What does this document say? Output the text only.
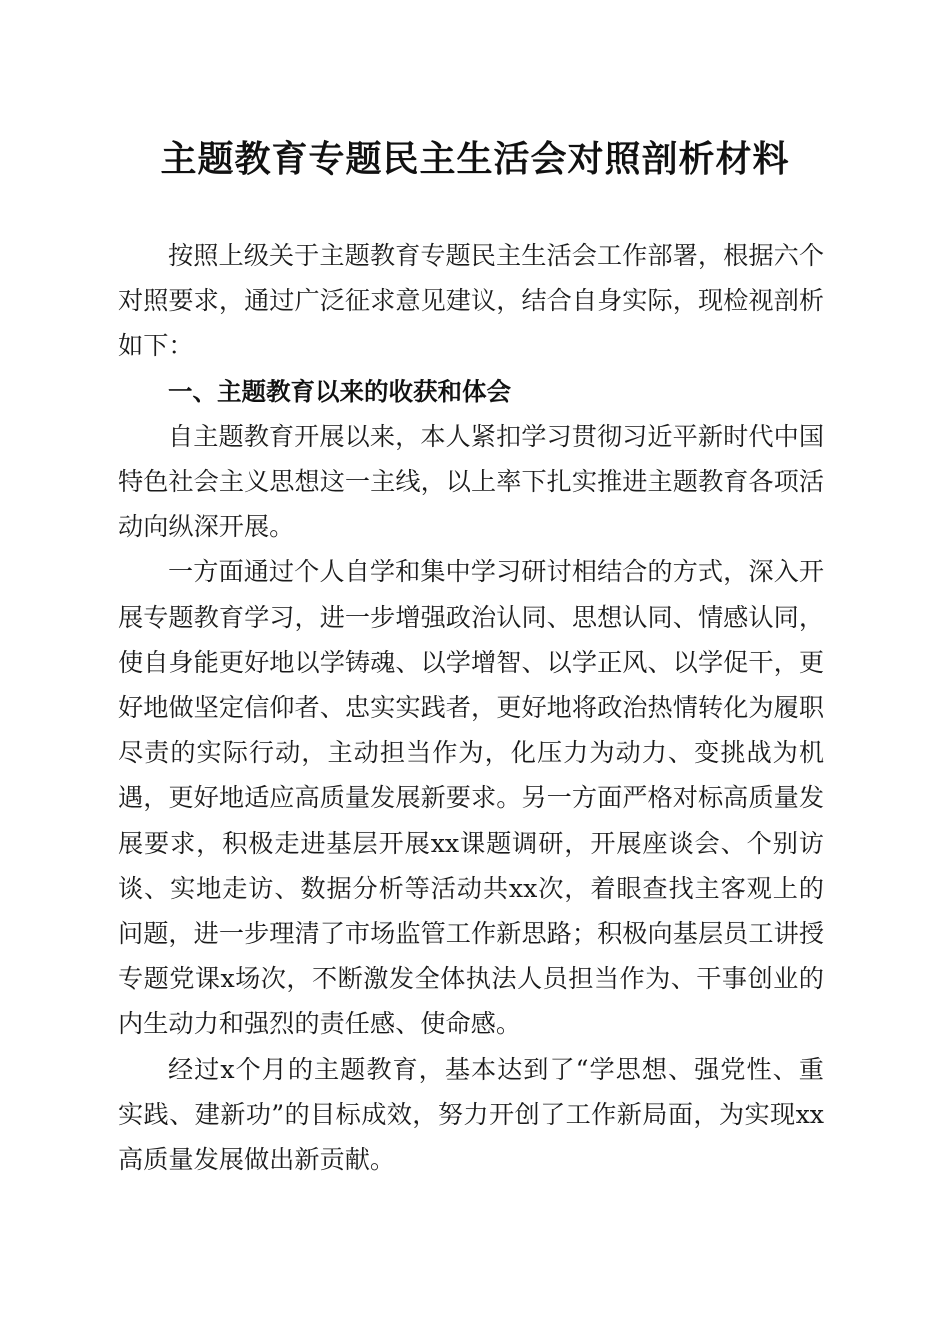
主题教育专题民主生活会对照剖析材料

按照上级关于主题教育专题民主生活会工作部署，根据六个对照要求，通过广泛征求意见建议，结合自身实际，现检视剖析如下：

一、主题教育以来的收获和体会

自主题教育开展以来，本人紧扣学习贯彻习近平新时代中国特色社会主义思想这一主线，以上率下扎实推进主题教育各项活动向纵深开展。

一方面通过个人自学和集中学习研讨相结合的方式，深入开展专题教育学习，进一步增强政治认同、思想认同、情感认同，使自身能更好地以学铸魂、以学增智、以学正风、以学促干，更好地做坚定信仰者、忠实实践者，更好地将政治热情转化为履职尽责的实际行动，主动担当作为，化压力为动力、变挑战为机遇，更好地适应高质量发展新要求。另一方面严格对标高质量发展要求，积极走进基层开展xx课题调研，开展座谈会、个别访谈、实地走访、数据分析等活动共xx次，着眼查找主客观上的问题，进一步理清了市场监管工作新思路；积极向基层员工讲授专题党课x场次，不断激发全体执法人员担当作为、干事创业的内生动力和强烈的责任感、使命感。

经过x个月的主题教育，基本达到了“学思想、强党性、重实践、建新功”的目标成效，努力开创了工作新局面，为实现xx高质量发展做出新贡献。
